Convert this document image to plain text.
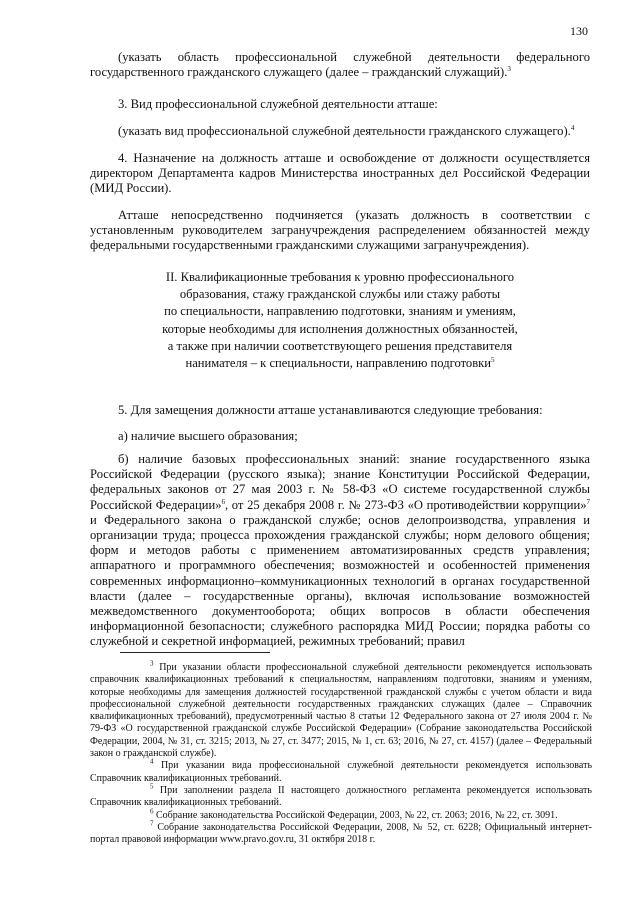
130

(указать область профессиональной служебной деятельности федерального государственного гражданского служащего (далее – гражданский служащий).$^3$

3. Вид профессиональной служебной деятельности атташе:

(указать вид профессиональной служебной деятельности гражданского служащего).$^4$

4. Назначение на должность атташе и освобождение от должности осуществляется директором Департамента кадров Министерства иностранных дел Российской Федерации (МИД России).

Атташе непосредственно подчиняется (указать должность в соответствии с установленным руководителем загранучреждения распределением обязанностей между федеральными государственными гражданскими служащими загранучреждения).

II. Квалификационные требования к уровню профессионального
образования, стажу гражданской службы или стажу работы
по специальности, направлению подготовки, знаниям и умениям,
которые необходимы для исполнения должностных обязанностей,
а также при наличии соответствующего решения представителя
нанимателя – к специальности, направлению подготовки$^5$

5. Для замещения должности атташе устанавливаются следующие требования:

а) наличие высшего образования;

б) наличие базовых профессиональных знаний: знание государственного языка Российской Федерации (русского языка); знание Конституции Российской Федерации, федеральных законов от 27 мая 2003 г. № 58-ФЗ «О системе государственной службы Российской Федерации»$^6$, от 25 декабря 2008 г. № 273-ФЗ «О противодействии коррупции»$^7$ и Федерального закона о гражданской службе; основ делопроизводства, управления и организации труда; процесса прохождения гражданской службы; норм делового общения; форм и методов работы с применением автоматизированных средств управления; аппаратного и программного обеспечения; возможностей и особенностей применения современных информационно–коммуникационных технологий в органах государственной власти (далее – государственные органы), включая использование возможностей межведомственного документооборота; общих вопросов в области обеспечения информационной безопасности; служебного распорядка МИД России; порядка работы со служебной и секретной информацией, режимных требований; правил

$^3$ При указании области профессиональной служебной деятельности рекомендуется использовать справочник квалификационных требований к специальностям, направлениям подготовки, знаниям и умениям, которые необходимы для замещения должностей государственной гражданской службы с учетом области и вида профессиональной служебной деятельности государственных гражданских служащих (далее – Справочник квалификационных требований), предусмотренный частью 8 статьи 12 Федерального закона от 27 июля 2004 г. № 79-ФЗ «О государственной гражданской службе Российской Федерации» (Собрание законодательства Российской Федерации, 2004, № 31, ст. 3215; 2013, № 27, ст. 3477; 2015, № 1, ст. 63; 2016, № 27, ст. 4157) (далее – Федеральный закон о гражданской службе).

$^4$ При указании вида профессиональной служебной деятельности рекомендуется использовать Справочник квалификационных требований.

$^5$ При заполнении раздела II настоящего должностного регламента рекомендуется использовать Справочник квалификационных требований.

$^6$ Собрание законодательства Российской Федерации, 2003, № 22, ст. 2063; 2016, № 22, ст. 3091.

$^7$ Собрание законодательства Российской Федерации, 2008, № 52, ст. 6228; Официальный интернет-портал правовой информации www.pravo.gov.ru, 31 октября 2018 г.
